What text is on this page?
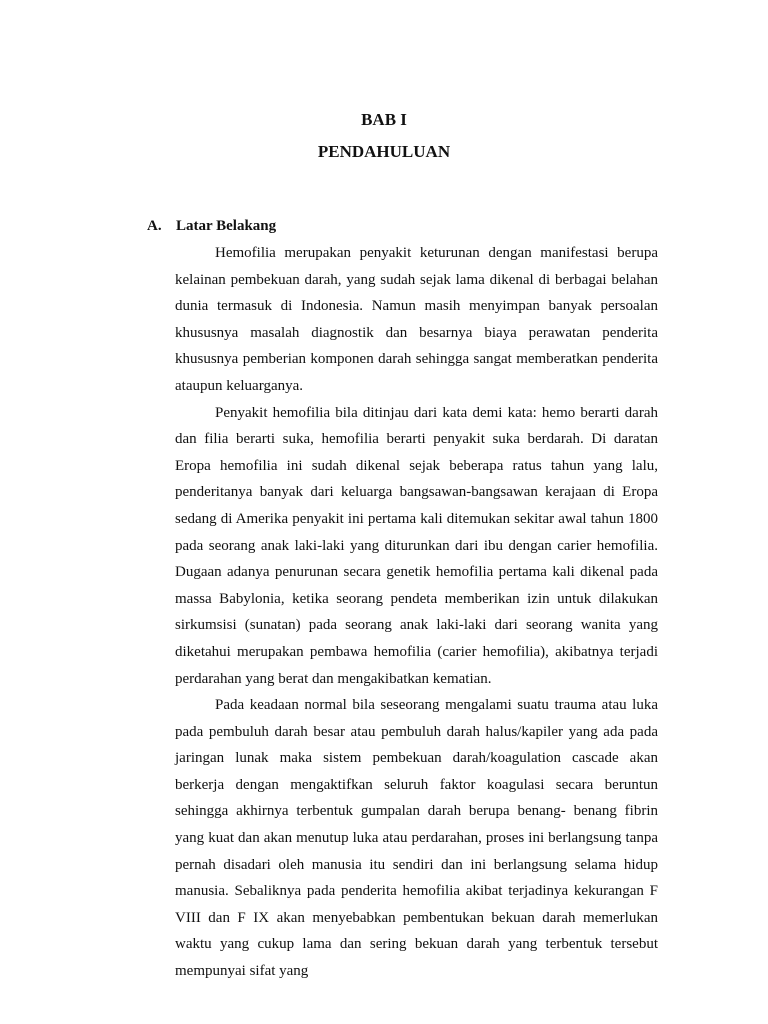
BAB I
PENDAHULUAN
A. Latar Belakang

Hemofilia merupakan penyakit keturunan dengan manifestasi berupa kelainan pembekuan darah, yang sudah sejak lama dikenal di berbagai belahan dunia termasuk di Indonesia. Namun masih menyimpan banyak persoalan khususnya masalah diagnostik dan besarnya biaya perawatan penderita khususnya pemberian komponen darah sehingga sangat memberatkan penderita ataupun keluarganya.

Penyakit hemofilia bila ditinjau dari kata demi kata: hemo berarti darah dan filia berarti suka, hemofilia berarti penyakit suka berdarah. Di daratan Eropa hemofilia ini sudah dikenal sejak beberapa ratus tahun yang lalu, penderitanya banyak dari keluarga bangsawan-bangsawan kerajaan di Eropa sedang di Amerika penyakit ini pertama kali ditemukan sekitar awal tahun 1800 pada seorang anak laki-laki yang diturunkan dari ibu dengan carier hemofilia. Dugaan adanya penurunan secara genetik hemofilia pertama kali dikenal pada massa Babylonia, ketika seorang pendeta memberikan izin untuk dilakukan sirkumsisi (sunatan) pada seorang anak laki-laki dari seorang wanita yang diketahui merupakan pembawa hemofilia (carier hemofilia), akibatnya terjadi perdarahan yang berat dan mengakibatkan kematian.

Pada keadaan normal bila seseorang mengalami suatu trauma atau luka pada pembuluh darah besar atau pembuluh darah halus/kapiler yang ada pada jaringan lunak maka sistem pembekuan darah/koagulation cascade akan berkerja dengan mengaktifkan seluruh faktor koagulasi secara beruntun sehingga akhirnya terbentuk gumpalan darah berupa benang- benang fibrin yang kuat dan akan menutup luka atau perdarahan, proses ini berlangsung tanpa pernah disadari oleh manusia itu sendiri dan ini berlangsung selama hidup manusia. Sebaliknya pada penderita hemofilia akibat terjadinya kekurangan F VIII dan F IX akan menyebabkan pembentukan bekuan darah memerlukan waktu yang cukup lama dan sering bekuan darah yang terbentuk tersebut mempunyai sifat yang
